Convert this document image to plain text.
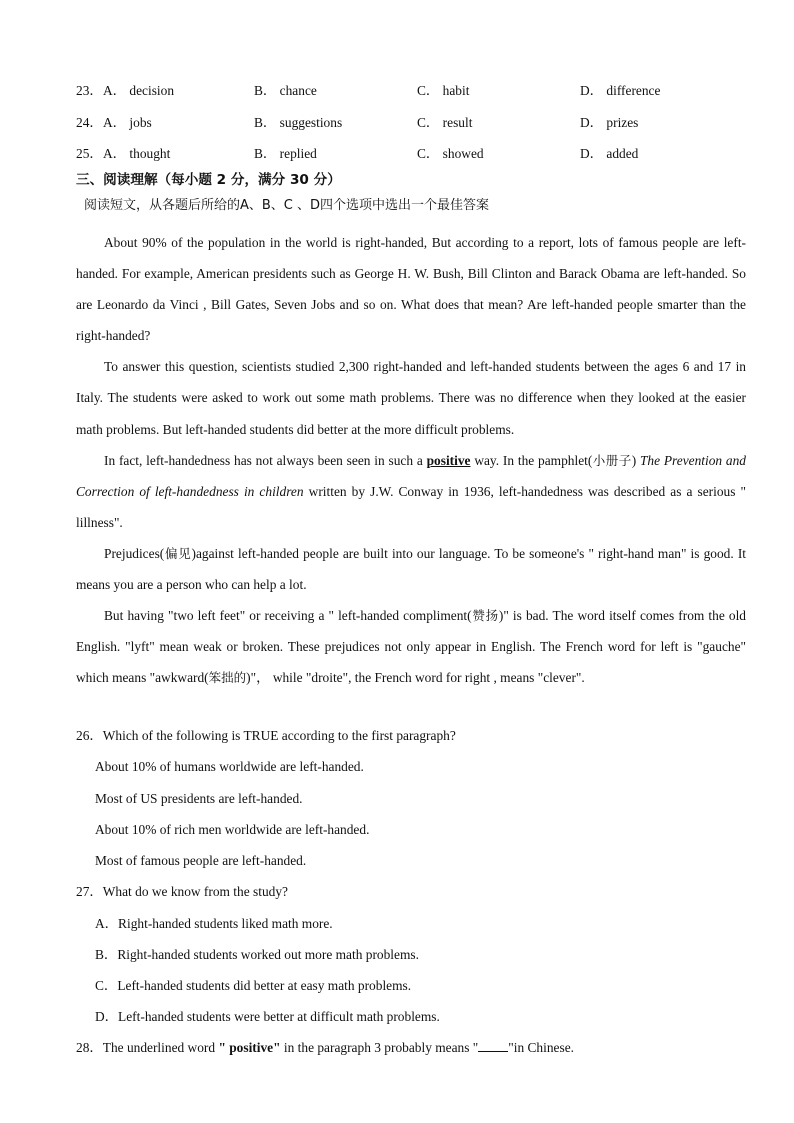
23． A． decision	B． chance	C． habit	D． difference
24． A． jobs	B． suggestions	C． result	D． prizes
25． A． thought	B． replied	C． showed	D． added
三、阅读理解（每小题 2 分，满分 30 分）
阅读短文，从各题后所给的A、B、C 、D四个选项中选出一个最佳答案

About 90% of the population in the world is right-handed, But according to a report, lots of famous people are left-handed. For example, American presidents such as George H. W. Bush, Bill Clinton and Barack Obama are left-handed. So are Leonardo da Vinci , Bill Gates, Seven Jobs and so on. What does that mean? Are left-handed people smarter than the right-handed?

To answer this question, scientists studied 2,300 right-handed and left-handed students between the ages 6 and 17 in Italy. The students were asked to work out some math problems. There was no difference when they looked at the easier math problems. But left-handed students did better at the more difficult problems.

In fact, left-handedness has not always been seen in such a positive way. In the pamphlet(小册子) The Prevention and Correction of left-handedness in children written by J.W. Conway in 1936, left-handedness was described as a serious " lillness".

Prejudices(偏见)against left-handed people are built into our language. To be someone's " right-hand man" is good. It means you are a person who can help a lot.

But having "two left feet" or receiving a " left-handed compliment(赞扬)" is bad. The word itself comes from the old English. "lyft" mean weak or broken. These prejudices not only appear in English. The French word for left is "gauche" which means "awkward(笨拙的)"， while "droite", the French word for right , means "clever".

26．Which of the following is TRUE according to the first paragraph?
About 10% of humans worldwide are left-handed.
Most of US presidents are left-handed.
About 10% of rich men worldwide are left-handed.
Most of famous people are left-handed.
27．What do we know from the study?
A．Right-handed students liked math more.
B．Right-handed students worked out more math problems.
C．Left-handed students did better at easy math problems.
D．Left-handed students were better at difficult math problems.
28．The underlined word " positive" in the paragraph 3 probably means " "in Chinese.
